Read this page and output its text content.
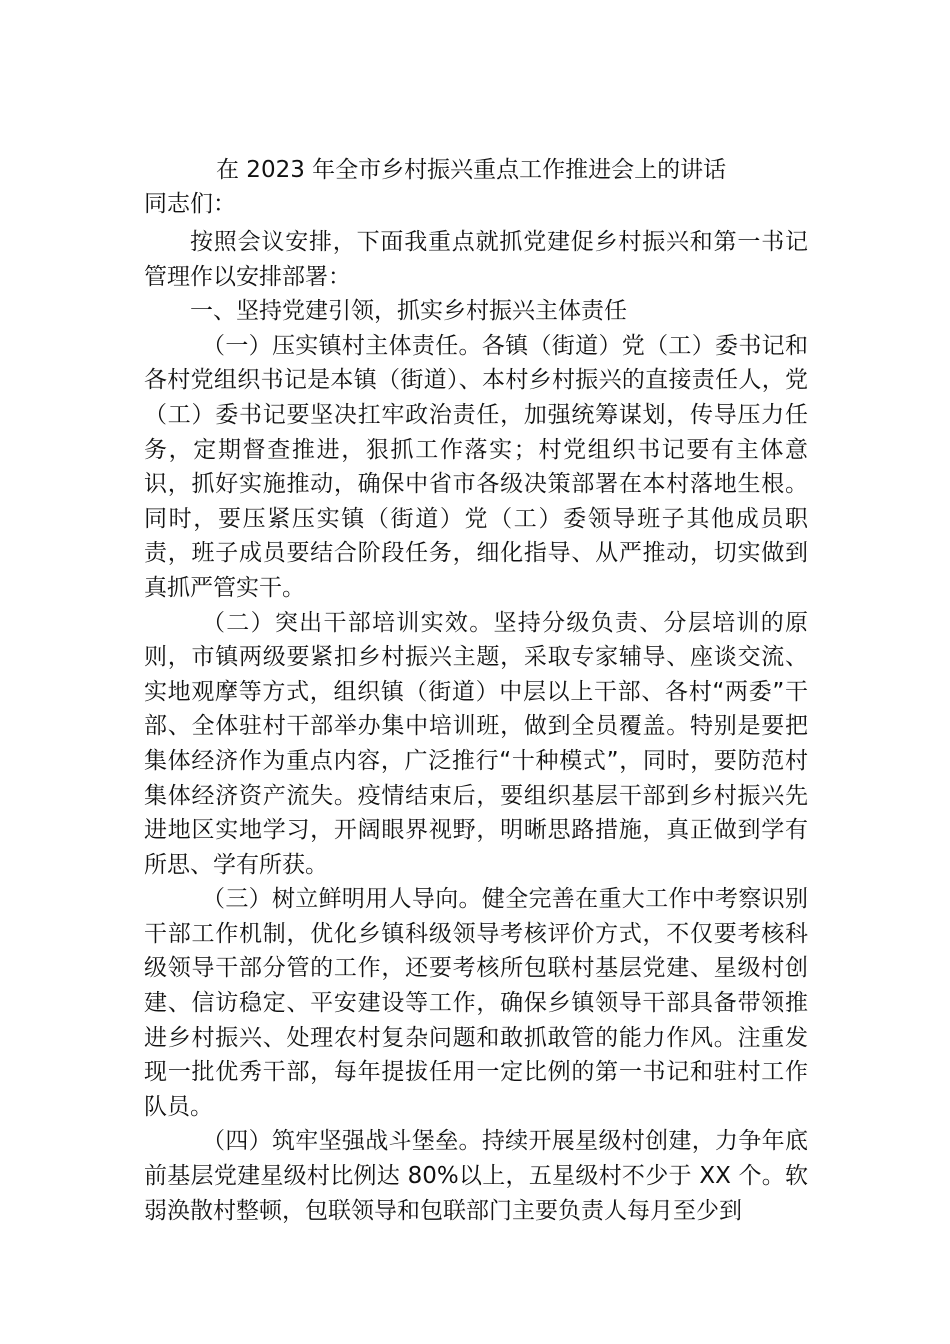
在 2023 年全市乡村振兴重点工作推进会上的讲话

同志们：

按照会议安排，下面我重点就抓党建促乡村振兴和第一书记管理作以安排部署：

一、坚持党建引领，抓实乡村振兴主体责任

（一）压实镇村主体责任。各镇（街道）党（工）委书记和各村党组织书记是本镇（街道）、本村乡村振兴的直接责任人，党（工）委书记要坚决扛牢政治责任，加强统筹谋划，传导压力任务，定期督查推进，狠抓工作落实；村党组织书记要有主体意识，抓好实施推动，确保中省市各级决策部署在本村落地生根。同时，要压紧压实镇（街道）党（工）委领导班子其他成员职责，班子成员要结合阶段任务，细化指导、从严推动，切实做到真抓严管实干。

（二）突出干部培训实效。坚持分级负责、分层培训的原则，市镇两级要紧扣乡村振兴主题，采取专家辅导、座谈交流、实地观摩等方式，组织镇（街道）中层以上干部、各村“两委”干部、全体驻村干部举办集中培训班，做到全员覆盖。特别是要把集体经济作为重点内容，广泛推行“十种模式”，同时，要防范村集体经济资产流失。疫情结束后，要组织基层干部到乡村振兴先进地区实地学习，开阔眼界视野，明晰思路措施，真正做到学有所思、学有所获。

（三）树立鲜明用人导向。健全完善在重大工作中考察识别干部工作机制，优化乡镇科级领导考核评价方式，不仅要考核科级领导干部分管的工作，还要考核所包联村基层党建、星级村创建、信访稳定、平安建设等工作，确保乡镇领导干部具备带领推进乡村振兴、处理农村复杂问题和敢抓敢管的能力作风。注重发现一批优秀干部，每年提拔任用一定比例的第一书记和驻村工作队员。

（四）筑牢坚强战斗堡垒。持续开展星级村创建，力争年底前基层党建星级村比例达 80%以上，五星级村不少于 XX 个。软弱涣散村整顿，包联领导和包联部门主要负责人每月至少到
